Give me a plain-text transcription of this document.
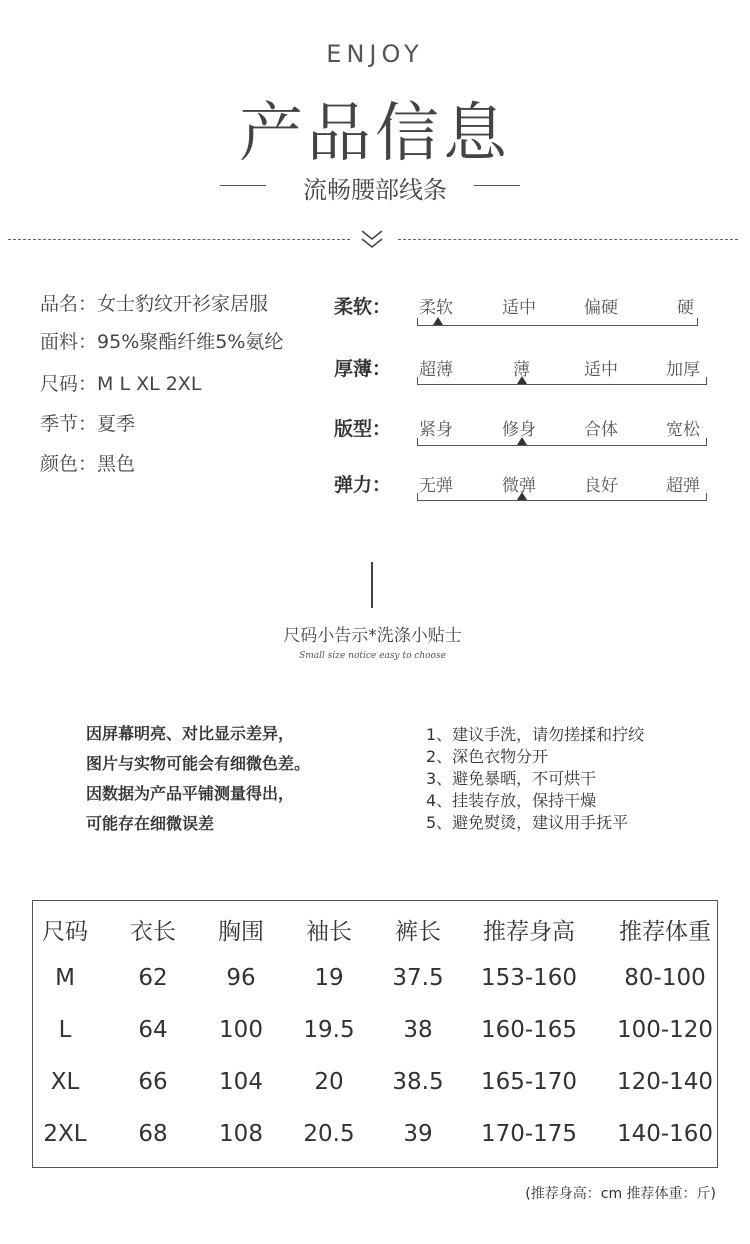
ENJOY
产品信息
流畅腰部线条
品名：女士豹纹开衫家居服
面料：95%聚酯纤维5%氨纶
尺码：M L XL 2XL
季节：夏季
颜色：黑色
柔软： 柔软	适中	偏硬	硬
厚薄： 超薄	薄	适中	加厚
版型： 紧身	修身	合体	宽松
弹力： 无弹	微弹	良好	超弹
尺码小告示*洗涤小贴士
Small size notice easy to choose
因屏幕明亮、对比显示差异，
图片与实物可能会有细微色差。
因数据为产品平铺测量得出，
可能存在细微误差
1、建议手洗，请勿搓揉和拧绞
2、深色衣物分开
3、避免暴晒，不可烘干
4、挂装存放，保持干燥
5、避免熨烫，建议用手抚平
尺码	衣长	胸围	袖长	裤长	推荐身高	推荐体重
M	62	96	19	37.5	153-160	80-100
L	64	100	19.5	38	160-165	100-120
XL	66	104	20	38.5	165-170	120-140
2XL	68	108	20.5	39	170-175	140-160
(推荐身高：cm 推荐体重：斤)
